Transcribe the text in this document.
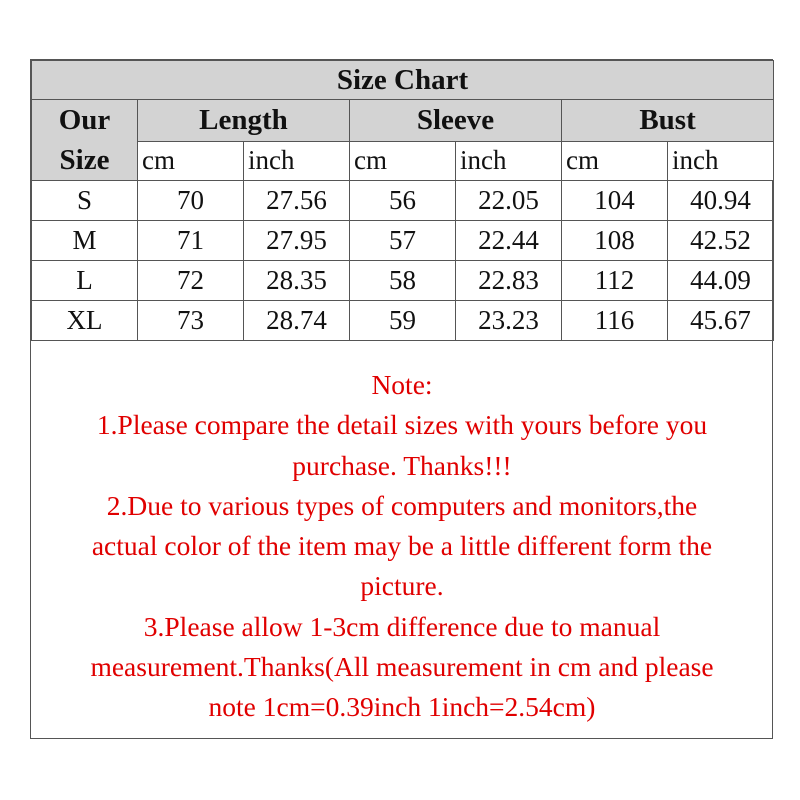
Size Chart						
Our
Size	Length		Sleeve		Bust	
	cm	inch	cm	inch	cm	inch
S	70	27.56	56	22.05	104	40.94
M	71	27.95	57	22.44	108	42.52
L	72	28.35	58	22.83	112	44.09
XL	73	28.74	59	23.23	116	45.67
Note:
1.Please compare the detail sizes with yours before you
purchase. Thanks!!!
2.Due to various types of computers and monitors,the
actual color of the item may be a little different form the
picture.
3.Please allow 1-3cm difference due to manual
measurement.Thanks(All measurement in cm and please
note 1cm=0.39inch 1inch=2.54cm)
